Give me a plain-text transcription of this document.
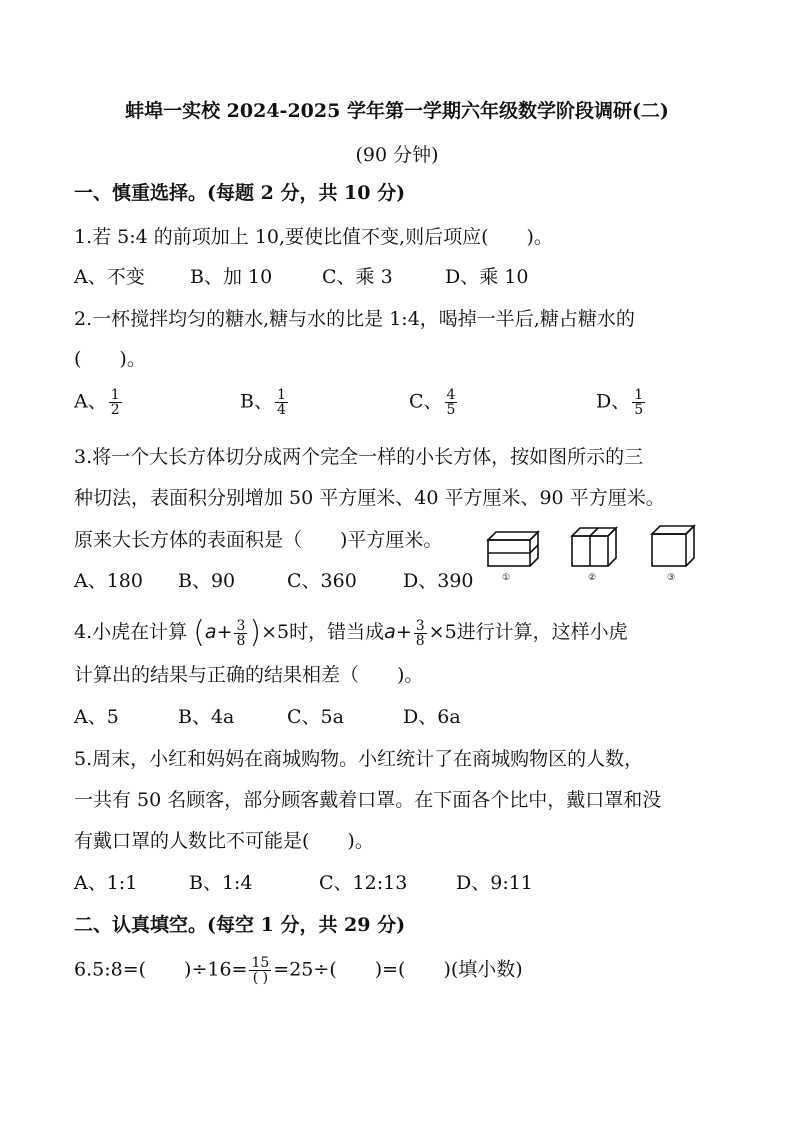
蚌埠一实校 2024-2025 学年第一学期六年级数学阶段调研(二)
(90 分钟)
一、慎重选择。(每题 2 分，共 10 分)
1.若 5:4 的前项加上 10,要使比值不变,则后项应(　　)。
A、不变 B、加 10	C、乘 3	D、乘 10
2.一杯搅拌均匀的糖水,糖与水的比是 1:4，喝掉一半后,糖占糖水的
(　　)。
A、 $\frac{1}{2}$	B、 $\frac{1}{4}$	C、 $\frac{4}{5}$	D、 $\frac{1}{5}$
3.将一个大长方体切分成两个完全一样的小长方体，按如图所示的三
种切法，表面积分别增加 50 平方厘米、40 平方厘米、90 平方厘米。
原来大长方体的表面积是（　　)平方厘米。
A、180 B、90	C、360 D、390	①	②	③
4.小虎在计算 $(a+ \frac{3}{8} )\times 5$时，错当成$a+ \frac{3}{8} \times 5$进行计算，这样小虎
计算出的结果与正确的结果相差（　　)。
A、5	B、4a	C、5a	D、6a
5.周末，小红和妈妈在商城购物。小红统计了在商城购物区的人数，
一共有 50 名顾客，部分顾客戴着口罩。在下面各个比中，戴口罩和没
有戴口罩的人数比不可能是(　　)。
A、1:1	B、1:4	C、12:13	D、9:11
二、认真填空。(每空 1 分，共 29 分)
6.5:8=(　　)$\div 16= \frac{15}{( )} =25\div$(　　)=(　　)(填小数)
